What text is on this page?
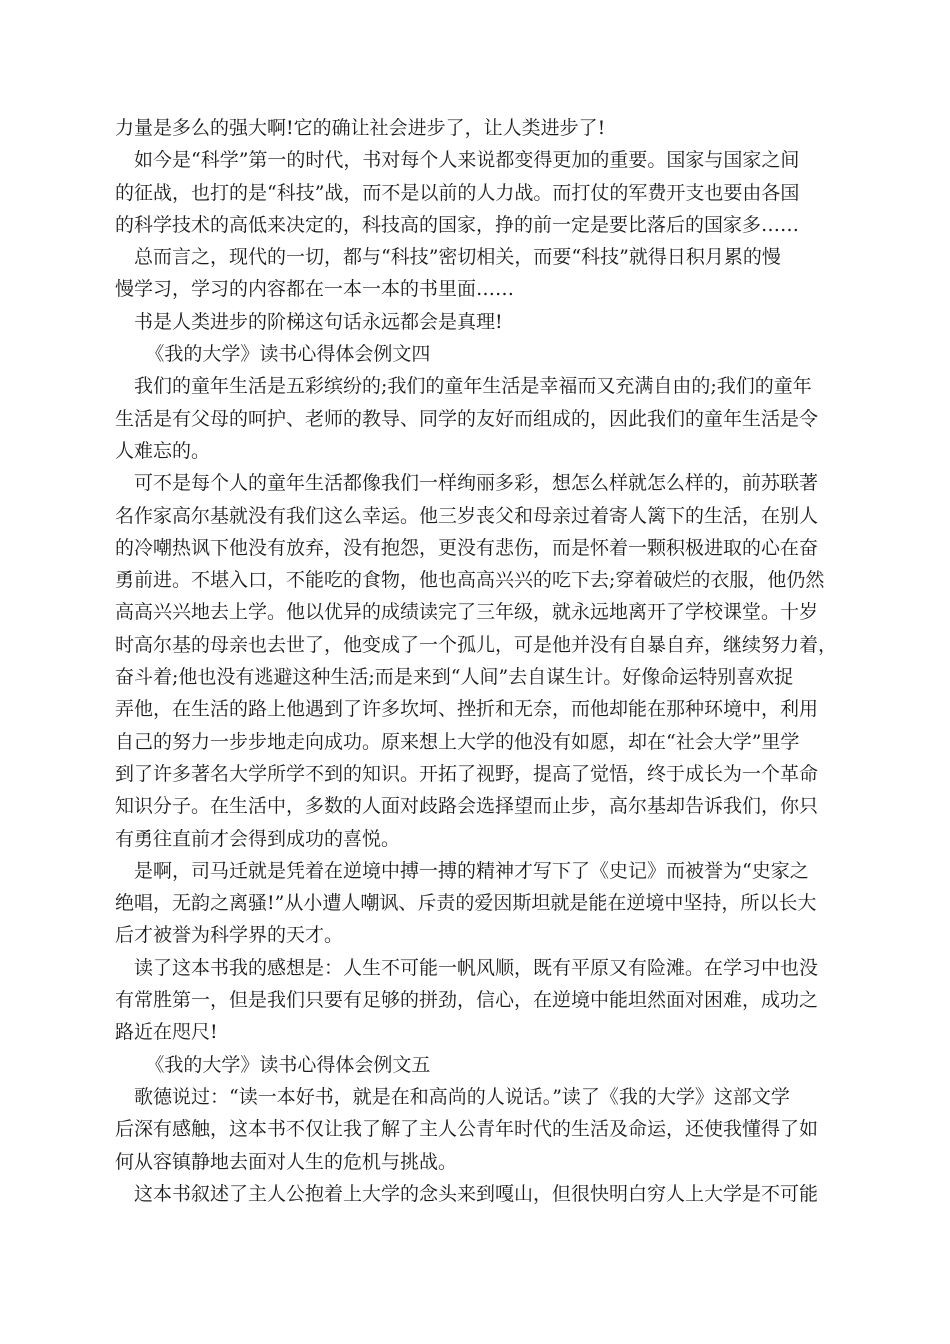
力量是多么的强大啊!它的确让社会进步了，让人类进步了!

如今是“科学”第一的时代，书对每个人来说都变得更加的重要。国家与国家之间
的征战，也打的是“科技”战，而不是以前的人力战。而打仗的军费开支也要由各国
的科学技术的高低来决定的，科技高的国家，挣的前一定是要比落后的国家多……

总而言之，现代的一切，都与“科技”密切相关，而要“科技”就得日积月累的慢
慢学习，学习的内容都在一本一本的书里面……

书是人类进步的阶梯这句话永远都会是真理!

《我的大学》读书心得体会例文四

我们的童年生活是五彩缤纷的;我们的童年生活是幸福而又充满自由的;我们的童年
生活是有父母的呵护、老师的教导、同学的友好而组成的，因此我们的童年生活是令
人难忘的。

可不是每个人的童年生活都像我们一样绚丽多彩，想怎么样就怎么样的，前苏联著
名作家高尔基就没有我们这么幸运。他三岁丧父和母亲过着寄人篱下的生活，在别人
的冷嘲热讽下他没有放弃，没有抱怨，更没有悲伤，而是怀着一颗积极进取的心在奋
勇前进。不堪入口，不能吃的食物，他也高高兴兴的吃下去;穿着破烂的衣服，他仍然
高高兴兴地去上学。他以优异的成绩读完了三年级，就永远地离开了学校课堂。十岁
时高尔基的母亲也去世了，他变成了一个孤儿，可是他并没有自暴自弃，继续努力着，
奋斗着;他也没有逃避这种生活;而是来到“人间”去自谋生计。好像命运特别喜欢捉
弄他，在生活的路上他遇到了许多坎坷、挫折和无奈，而他却能在那种环境中，利用
自己的努力一步步地走向成功。原来想上大学的他没有如愿，却在“社会大学”里学
到了许多著名大学所学不到的知识。开拓了视野，提高了觉悟，终于成长为一个革命
知识分子。在生活中，多数的人面对歧路会选择望而止步，高尔基却告诉我们，你只
有勇往直前才会得到成功的喜悦。

是啊，司马迁就是凭着在逆境中搏一搏的精神才写下了《史记》而被誉为“史家之
绝唱，无韵之离骚!”从小遭人嘲讽、斥责的爱因斯坦就是能在逆境中坚持，所以长大
后才被誉为科学界的天才。

读了这本书我的感想是：人生不可能一帆风顺，既有平原又有险滩。在学习中也没
有常胜第一，但是我们只要有足够的拼劲，信心，在逆境中能坦然面对困难，成功之
路近在咫尺!

《我的大学》读书心得体会例文五

歌德说过：“读一本好书，就是在和高尚的人说话。”读了《我的大学》这部文学
后深有感触，这本书不仅让我了解了主人公青年时代的生活及命运，还使我懂得了如
何从容镇静地去面对人生的危机与挑战。

这本书叙述了主人公抱着上大学的念头来到嘎山，但很快明白穷人上大学是不可能
